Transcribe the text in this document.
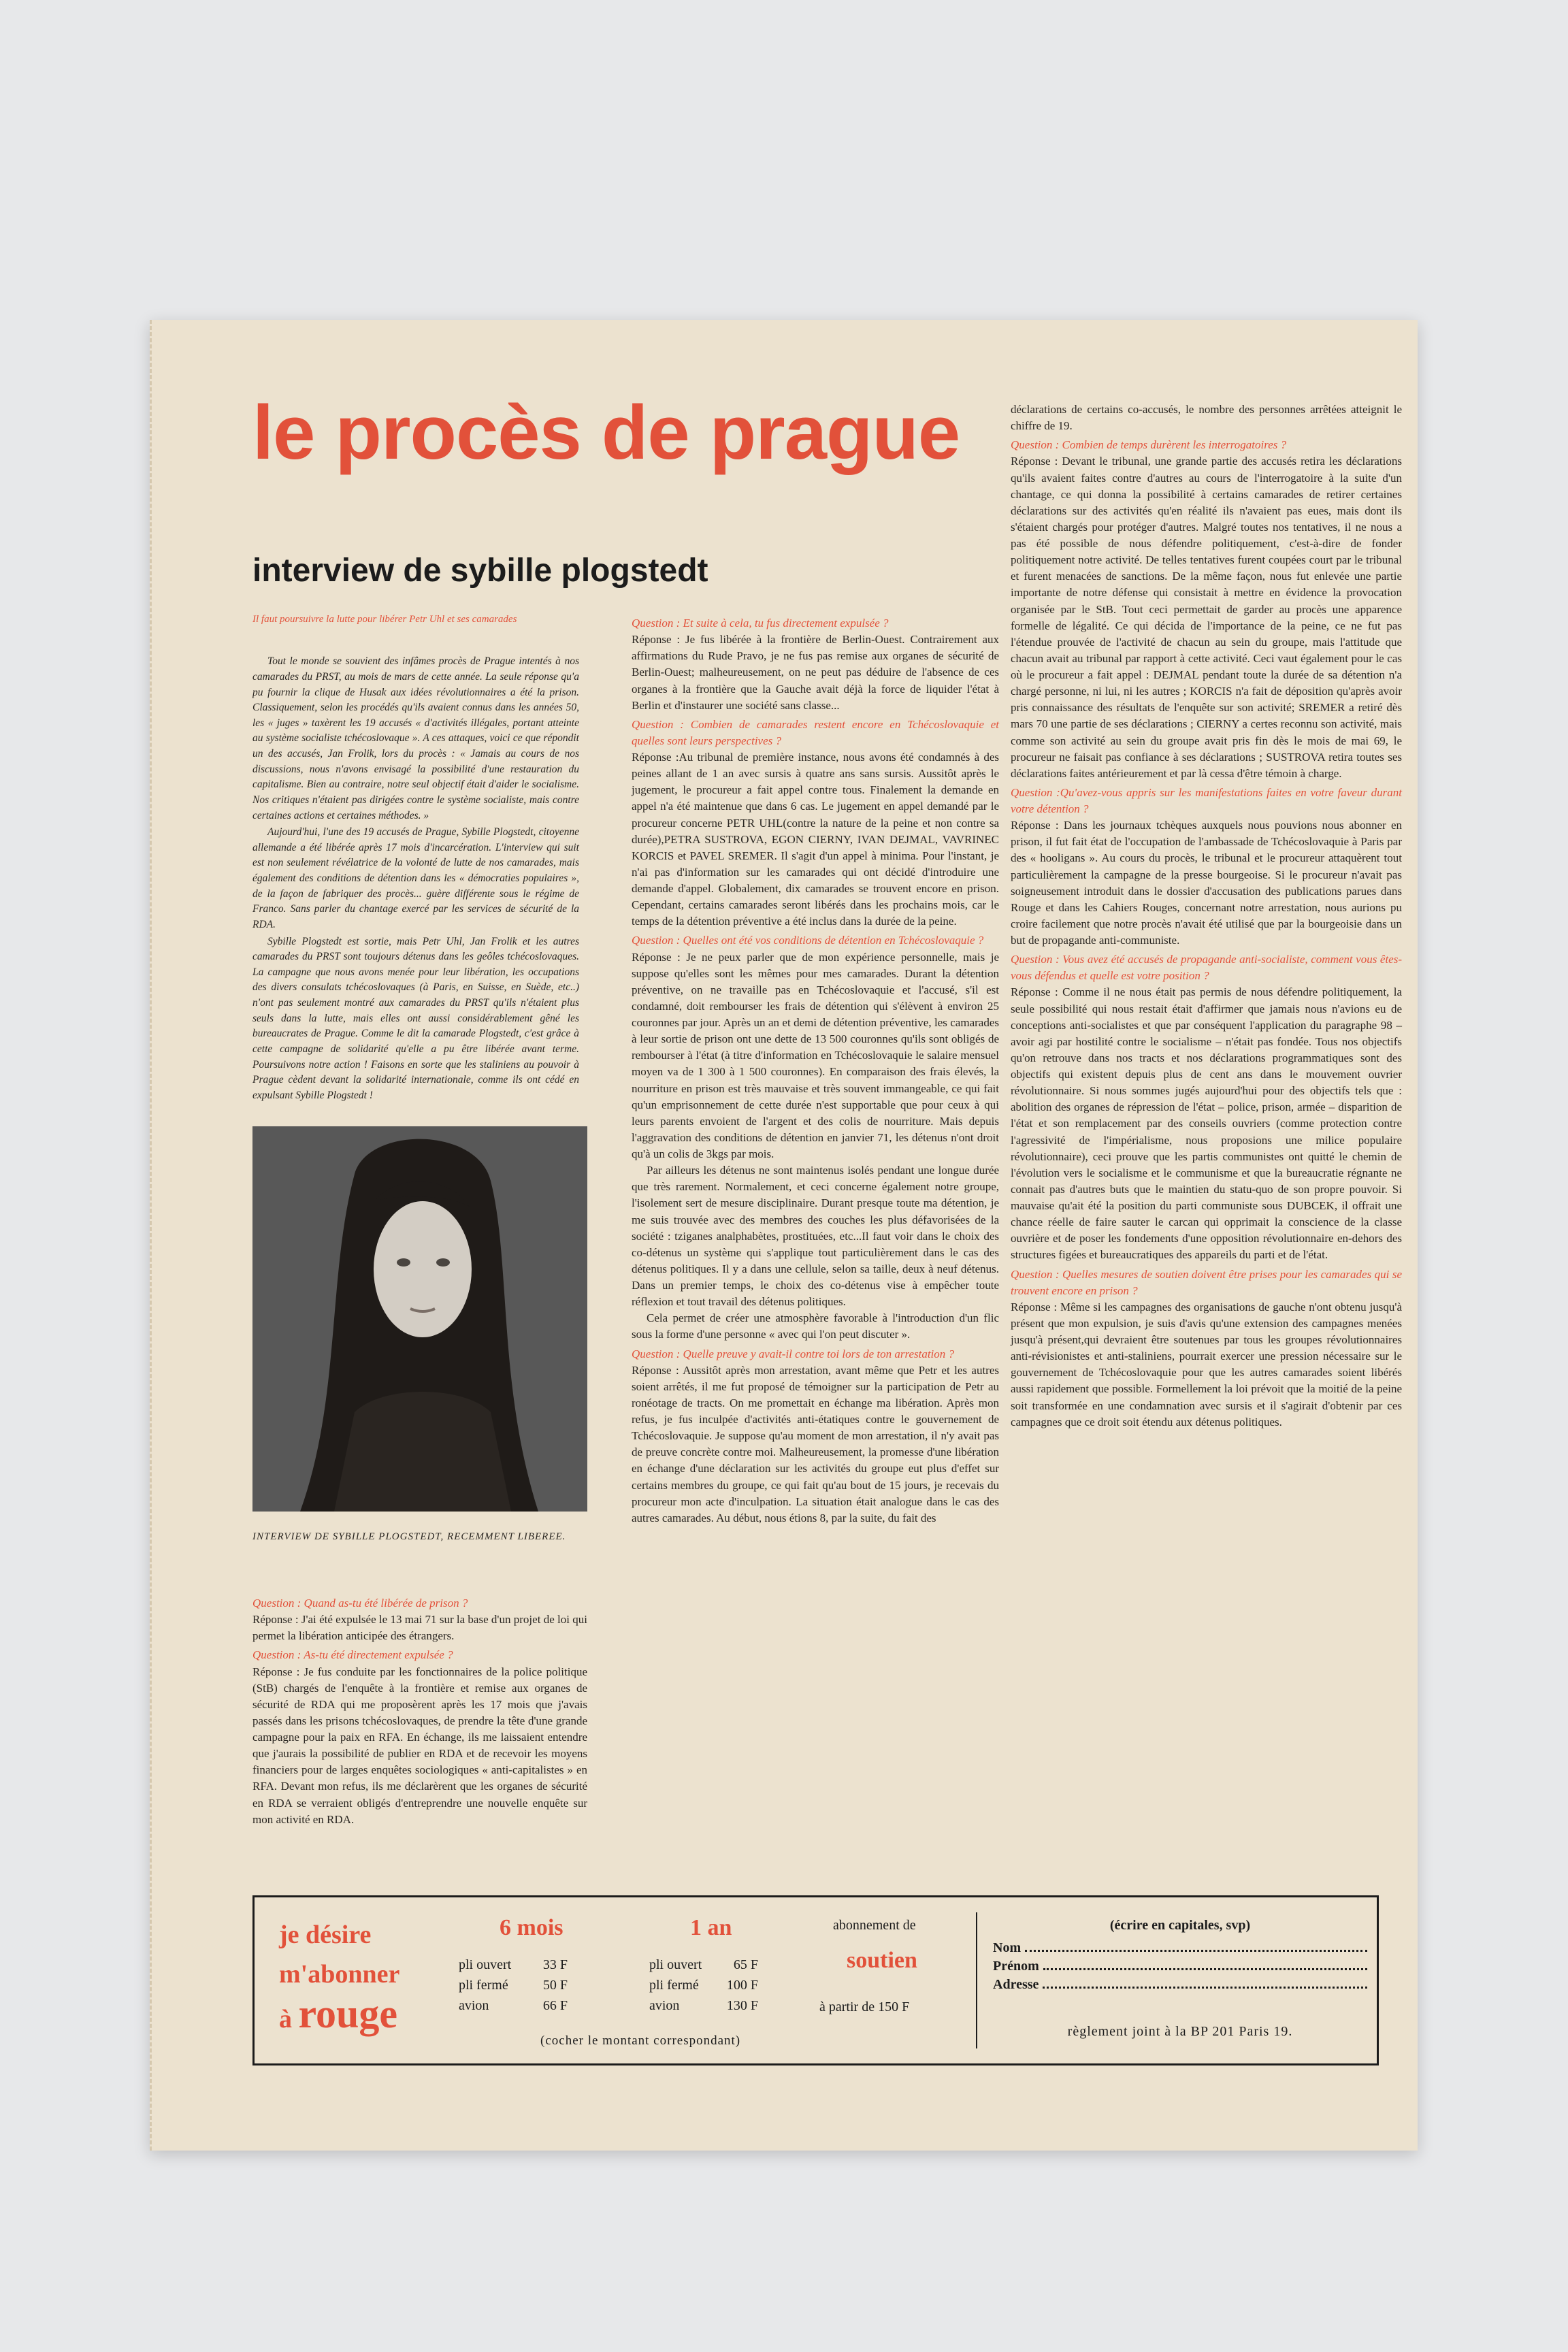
le procès de prague
interview de sybille plogstedt

Il faut poursuivre la lutte pour libérer Petr Uhl et ses camarades

Tout le monde se souvient des infâmes procès de Prague intentés à nos camarades du PRST, au mois de mars de cette année. La seule réponse qu'a pu fournir la clique de Husak aux idées révolutionnaires a été la prison. Classiquement, selon les procédés qu'ils avaient connus dans les années 50, les « juges » taxèrent les 19 accusés « d'activités illégales, portant atteinte au système socialiste tchécoslovaque ». A ces attaques, voici ce que répondit un des accusés, Jan Frolik, lors du procès : « Jamais au cours de nos discussions, nous n'avons envisagé la possibilité d'une restauration du capitalisme. Bien au contraire, notre seul objectif était d'aider le socialisme. Nos critiques n'étaient pas dirigées contre le système socialiste, mais contre certaines actions et certaines méthodes. »

Aujourd'hui, l'une des 19 accusés de Prague, Sybille Plogstedt, citoyenne allemande a été libérée après 17 mois d'incarcération. L'interview qui suit est non seulement révélatrice de la volonté de lutte de nos camarades, mais également des conditions de détention dans les « démocraties populaires », de la façon de fabriquer des procès... guère différente sous le régime de Franco. Sans parler du chantage exercé par les services de sécurité de la RDA.

Sybille Plogstedt est sortie, mais Petr Uhl, Jan Frolik et les autres camarades du PRST sont toujours détenus dans les geôles tchécoslovaques. La campagne que nous avons menée pour leur libération, les occupations des divers consulats tchécoslovaques (à Paris, en Suisse, en Suède, etc..) n'ont pas seulement montré aux camarades du PRST qu'ils n'étaient plus seuls dans la lutte, mais elles ont aussi considérablement gêné les bureaucrates de Prague. Comme le dit la camarade Plogstedt, c'est grâce à cette campagne de solidarité qu'elle a pu être libérée avant terme. Poursuivons notre action ! Faisons en sorte que les staliniens au pouvoir à Prague cèdent devant la solidarité internationale, comme ils ont cédé en expulsant Sybille Plogstedt !

INTERVIEW DE SYBILLE PLOGSTEDT, RECEMMENT LIBEREE.

Question : Quand as-tu été libérée de prison ?
Réponse : J'ai été expulsée le 13 mai 71 sur la base d'un projet de loi qui permet la libération anticipée des étrangers.
Question : As-tu été directement expulsée ?
Réponse : Je fus conduite par les fonctionnaires de la police politique (StB) chargés de l'enquête à la frontière et remise aux organes de sécurité de RDA qui me proposèrent après les 17 mois que j'avais passés dans les prisons tchécoslovaques, de prendre la tête d'une grande campagne pour la paix en RFA. En échange, ils me laissaient entendre que j'aurais la possibilité de publier en RDA et de recevoir les moyens financiers pour de larges enquêtes sociologiques « anti-capitalistes » en RFA. Devant mon refus, ils me déclarèrent que les organes de sécurité en RDA se verraient obligés d'entreprendre une nouvelle enquête sur mon activité en RDA.
Question : Et suite à cela, tu fus directement expulsée ?
Réponse : Je fus libérée à la frontière de Berlin-Ouest. Contrairement aux affirmations du Rude Pravo, je ne fus pas remise aux organes de sécurité de Berlin-Ouest; malheureusement, on ne peut pas déduire de l'absence de ces organes à la frontière que la Gauche avait déjà la force de liquider l'état à Berlin et d'instaurer une société sans classe...
Question : Combien de camarades restent encore en Tchécoslovaquie et quelles sont leurs perspectives ?
Réponse :Au tribunal de première instance, nous avons été condamnés à des peines allant de 1 an avec sursis à quatre ans sans sursis. Aussitôt après le jugement, le procureur a fait appel contre tous. Finalement la demande en appel n'a été maintenue que dans 6 cas. Le jugement en appel demandé par le procureur concerne PETR UHL(contre la nature de la peine et non contre sa durée),PETRA SUSTROVA, EGON CIERNY, IVAN DEJMAL, VAVRINEC KORCIS et PAVEL SREMER. Il s'agit d'un appel à minima. Pour l'instant, je n'ai pas d'information sur les camarades qui ont décidé d'introduire une demande d'appel. Globalement, dix camarades se trouvent encore en prison. Cependant, certains camarades seront libérés dans les prochains mois, car le temps de la détention préventive a été inclus dans la durée de la peine.
Question : Quelles ont été vos conditions de détention en Tchécoslovaquie ?
Réponse : Je ne peux parler que de mon expérience personnelle, mais je suppose qu'elles sont les mêmes pour mes camarades. Durant la détention préventive, on ne travaille pas en Tchécoslovaquie et l'accusé, s'il est condamné, doit rembourser les frais de détention qui s'élèvent à environ 25 couronnes par jour. Après un an et demi de détention préventive, les camarades à leur sortie de prison ont une dette de 13 500 couronnes qu'ils sont obligés de rembourser à l'état (à titre d'information en Tchécoslovaquie le salaire mensuel moyen va de 1 300 à 1 500 couronnes). En comparaison des frais élevés, la nourriture en prison est très mauvaise et très souvent immangeable, ce qui fait qu'un emprisonnement de cette durée n'est supportable que pour ceux à qui leurs parents envoient de l'argent et des colis de nourriture. Mais depuis l'aggravation des conditions de détention en janvier 71, les détenus n'ont droit qu'à un colis de 3kgs par mois.
Par ailleurs les détenus ne sont maintenus isolés pendant une longue durée que très rarement. Normalement, et ceci concerne également notre groupe, l'isolement sert de mesure disciplinaire. Durant presque toute ma détention, je me suis trouvée avec des membres des couches les plus défavorisées de la société : tziganes analphabètes, prostituées, etc...Il faut voir dans le choix des co-détenus un système qui s'applique tout particulièrement dans le cas des détenus politiques. Il y a dans une cellule, selon sa taille, deux à neuf détenus. Dans un premier temps, le choix des co-détenus vise à empêcher toute réflexion et tout travail des détenus politiques.
Cela permet de créer une atmosphère favorable à l'introduction d'un flic sous la forme d'une personne « avec qui l'on peut discuter ».
Question : Quelle preuve y avait-il contre toi lors de ton arrestation ?
Réponse : Aussitôt après mon arrestation, avant même que Petr et les autres soient arrêtés, il me fut proposé de témoigner sur la participation de Petr au ronéotage de tracts. On me promettait en échange ma libération. Après mon refus, je fus inculpée d'activités anti-étatiques contre le gouvernement de Tchécoslovaquie. Je suppose qu'au moment de mon arrestation, il n'y avait pas de preuve concrète contre moi. Malheureusement, la promesse d'une libération en échange d'une déclaration sur les activités du groupe eut plus d'effet sur certains membres du groupe, ce qui fait qu'au bout de 15 jours, je recevais du procureur mon acte d'inculpation. La situation était analogue dans le cas des autres camarades. Au début, nous étions 8, par la suite, du fait des
déclarations de certains co-accusés, le nombre des personnes arrêtées atteignit le chiffre de 19.
Question : Combien de temps durèrent les interrogatoires ?
Réponse : Devant le tribunal, une grande partie des accusés retira les déclarations qu'ils avaient faites contre d'autres au cours de l'interrogatoire à la suite d'un chantage, ce qui donna la possibilité à certains camarades de retirer certaines déclarations sur des activités qu'en réalité ils n'avaient pas eues, mais dont ils s'étaient chargés pour protéger d'autres. Malgré toutes nos tentatives, il ne nous a pas été possible de nous défendre politiquement, c'est-à-dire de fonder politiquement notre activité. De telles tentatives furent coupées court par le tribunal et furent menacées de sanctions. De la même façon, nous fut enlevée une partie importante de notre défense qui consistait à mettre en évidence la provocation organisée par le StB. Tout ceci permettait de garder au procès une apparence formelle de légalité. Ce qui décida de l'importance de la peine, ce ne fut pas l'étendue prouvée de l'activité de chacun au sein du groupe, mais l'attitude que chacun avait au tribunal par rapport à cette activité. Ceci vaut également pour le cas où le procureur a fait appel : DEJMAL pendant toute la durée de sa détention n'a chargé personne, ni lui, ni les autres ; KORCIS n'a fait de déposition qu'après avoir pris connaissance des résultats de l'enquête sur son activité; SREMER a retiré dès mars 70 une partie de ses déclarations ; CIERNY a certes reconnu son activité, mais comme son activité au sein du groupe avait pris fin dès le mois de mai 69, le procureur ne faisait pas confiance à ses déclarations ; SUSTROVA retira toutes ses déclarations faites antérieurement et par là cessa d'être témoin à charge.
Question :Qu'avez-vous appris sur les manifestations faites en votre faveur durant votre détention ?
Réponse : Dans les journaux tchèques auxquels nous pouvions nous abonner en prison, il fut fait état de l'occupation de l'ambassade de Tchécoslovaquie à Paris par des « hooligans ». Au cours du procès, le tribunal et le procureur attaquèrent tout particulièrement la campagne de la presse bourgeoise. Si le procureur n'avait pas soigneusement introduit dans le dossier d'accusation des publications parues dans Rouge et dans les Cahiers Rouges, concernant notre arrestation, nous aurions pu croire facilement que notre procès n'avait été utilisé que par la bourgeoisie dans un but de propagande anti-communiste.
Question : Vous avez été accusés de propagande anti-socialiste, comment vous êtes-vous défendus et quelle est votre position ?
Réponse : Comme il ne nous était pas permis de nous défendre politiquement, la seule possibilité qui nous restait était d'affirmer que jamais nous n'avions eu de conceptions anti-socialistes et que par conséquent l'application du paragraphe 98 – avoir agi par hostilité contre le socialisme – n'était pas fondée. Tous nos objectifs qu'on retrouve dans nos tracts et nos déclarations programmatiques sont des objectifs qui existent depuis plus de cent ans dans le mouvement ouvrier révolutionnaire. Si nous sommes jugés aujourd'hui pour des objectifs tels que : abolition des organes de répression de l'état – police, prison, armée – disparition de l'état et son remplacement par des conseils ouvriers (comme protection contre l'agressivité de l'impérialisme, nous proposions une milice populaire révolutionnaire), ceci prouve que les partis communistes ont quitté le chemin de l'évolution vers le socialisme et le communisme et que la bureaucratie régnante ne connait pas d'autres buts que le maintien du statu-quo de son propre pouvoir. Si mauvaise qu'ait été la position du parti communiste sous DUBCEK, il offrait une chance réelle de faire sauter le carcan qui opprimait la conscience de la classe ouvrière et de poser les fondements d'une opposition révolutionnaire en-dehors des structures figées et bureaucratiques des appareils du parti et de l'état.
Question : Quelles mesures de soutien doivent être prises pour les camarades qui se trouvent encore en prison ?
Réponse : Même si les campagnes des organisations de gauche n'ont obtenu jusqu'à présent que mon expulsion, je suis d'avis qu'une extension des campagnes menées jusqu'à présent,qui devraient être soutenues par tous les groupes révolutionnaires anti-révisionistes et anti-staliniens, pourrait exercer une pression nécessaire sur le gouvernement de Tchécoslovaquie pour que les autres camarades soient libérés aussi rapidement que possible. Formellement la loi prévoit que la moitié de la peine soit transformée en une condamnation avec sursis et il s'agirait d'obtenir par ces campagnes que ce droit soit étendu aux détenus politiques.
je désire
m'abonner
à rouge
6 mois
pli ouvert 33 F
pli fermé	50 F
avion	66 F
1 an
pli ouvert 65 F
pli fermé 100 F
avion	130 F
abonnement de
soutien
à partir de 150 F
(cocher le montant correspondant)
(écrire en capitales, svp)
Nom
Prénom
Adresse
règlement joint à la BP 201 Paris 19.
